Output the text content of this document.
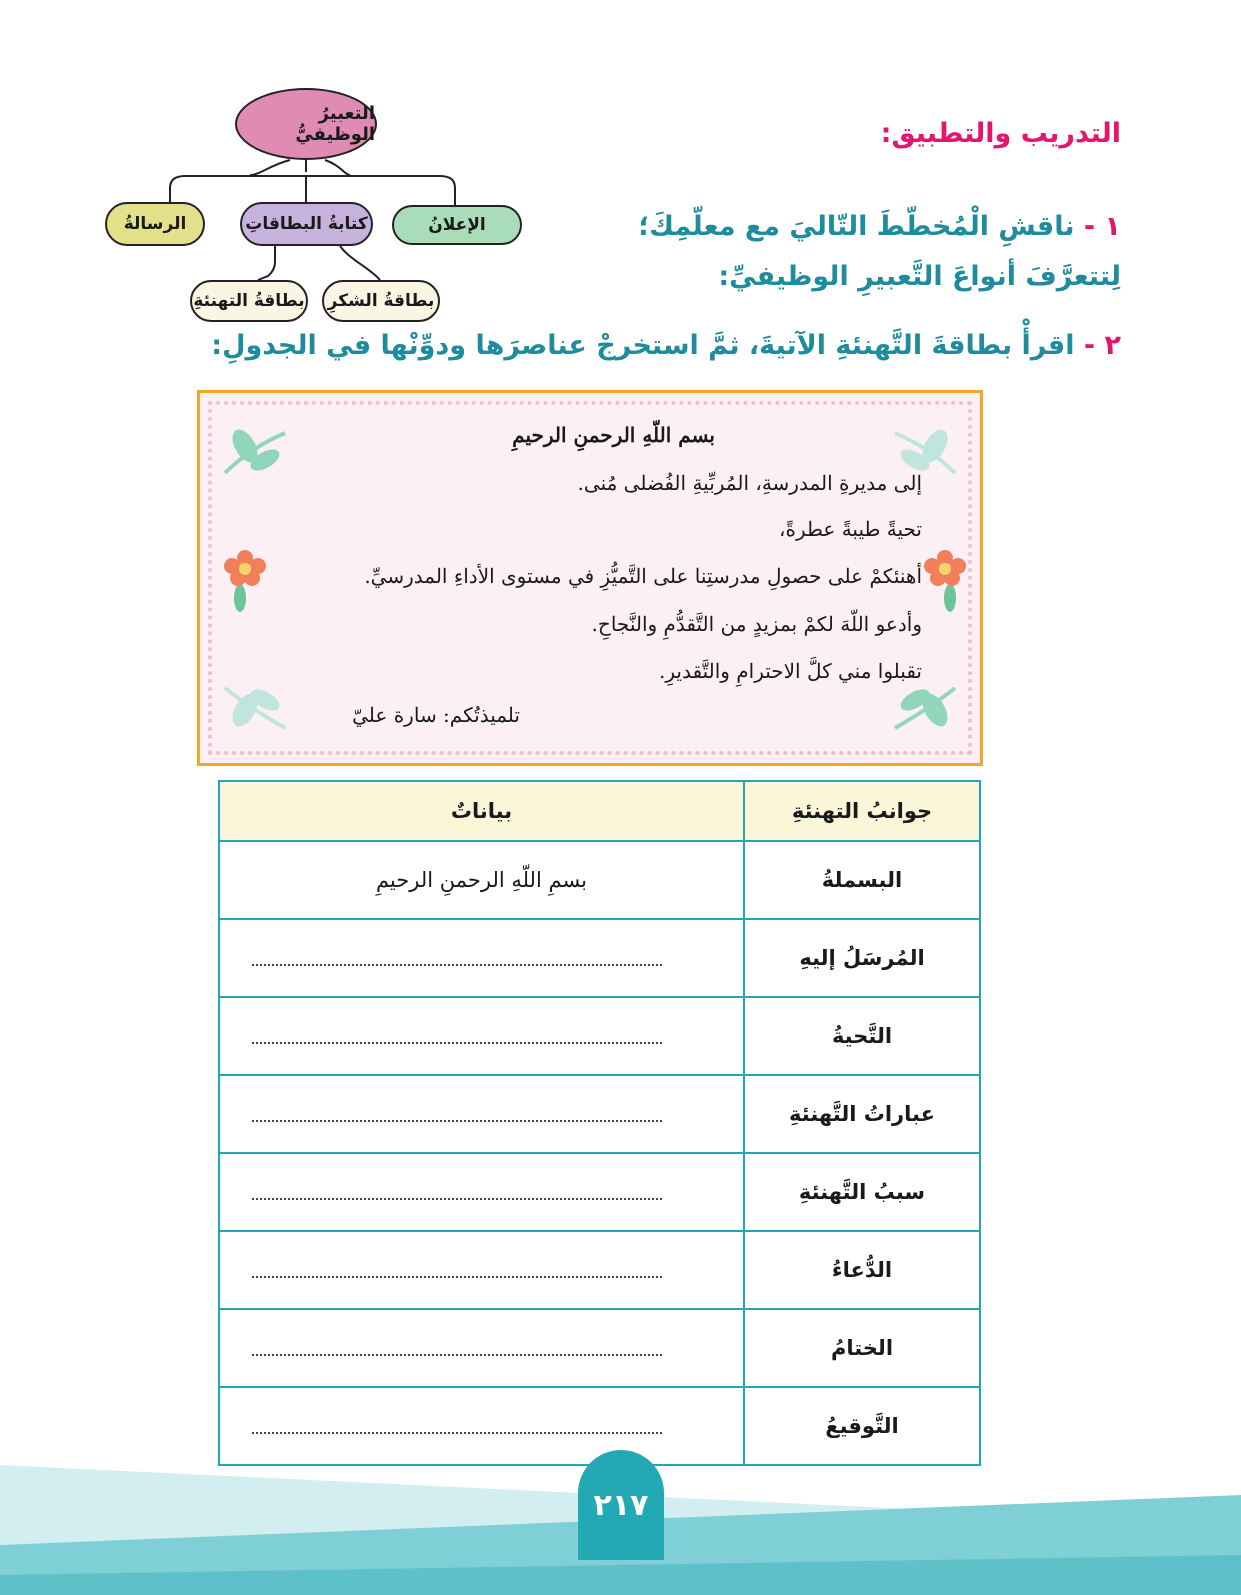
التدريب والتطبيق:
١ - ناقشِ الْمُخطّطَ التّاليَ مع معلّمِكَ؛ لِتتعرَّفَ أنواعَ التَّعبيرِ الوظيفيِّ:
٢ - اقرأْ بطاقةَ التَّهنئةِ الآتيةَ، ثمَّ استخرجْ عناصرَها ودوِّنْها في الجدولِ:
التعبيرُ الوظيفيُّ
الإعلانُ
كتابةُ البطاقاتِ
الرسالةُ
بطاقةُ الشكرِ
بطاقةُ التهنئةِ
بسم اللّهِ الرحمنِ الرحيمِ
إلى مديرةِ المدرسةِ، المُربِّيةِ الفُضلى مُنى.
تحيةً طيبةً عطرةً،
أهنئكمْ على حصولِ مدرستِنا على التَّميُّزِ في مستوى الأداءِ المدرسيِّ.
وأدعو اللّهَ لكمْ بمزيدٍ من التَّقدُّمِ والنَّجاحِ.
تقبلوا مني كلَّ الاحترامِ والتَّقديرِ.
تلميذتُكم: سارة عليّ
جوانبُ التهنئةِ	بياناتٌ
البسملةُ	بسمِ اللّهِ الرحمنِ الرحيمِ
المُرسَلُ إليهِ	
التَّحيةُ	
عباراتُ التَّهنئةِ	
سببُ التَّهنئةِ	
الدُّعاءُ	
الختامُ	
التَّوقيعُ	
٢١٧
